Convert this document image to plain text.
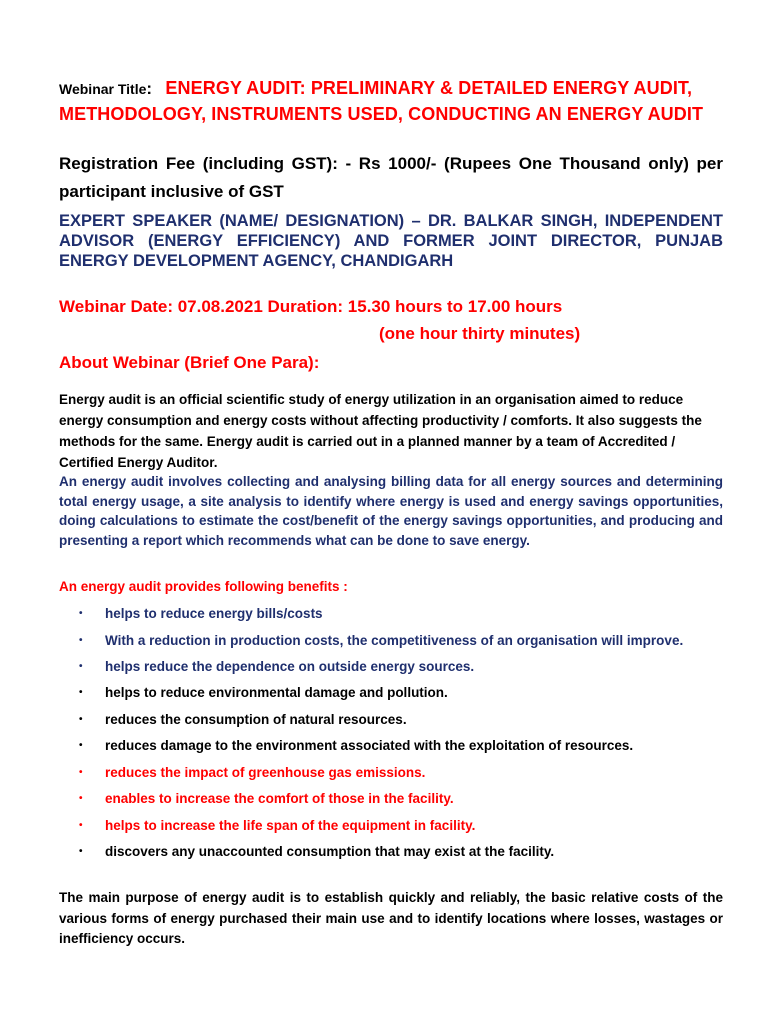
Webinar Title: ENERGY AUDIT: PRELIMINARY & DETAILED ENERGY AUDIT, METHODOLOGY, INSTRUMENTS USED, CONDUCTING AN ENERGY AUDIT
Registration Fee (including GST): - Rs 1000/- (Rupees One Thousand only) per participant inclusive of GST
EXPERT SPEAKER (NAME/ DESIGNATION) – DR. BALKAR SINGH, INDEPENDENT ADVISOR (ENERGY EFFICIENCY) AND FORMER JOINT DIRECTOR, PUNJAB ENERGY DEVELOPMENT AGENCY, CHANDIGARH
Webinar Date: 07.08.2021 Duration: 15.30 hours to 17.00 hours
(one hour thirty minutes)
About Webinar (Brief One Para):
Energy audit is an official scientific study of energy utilization in an organisation aimed to reduce energy consumption and energy costs without affecting productivity / comforts. It also suggests the methods for the same. Energy audit is carried out in a planned manner by a team of Accredited / Certified Energy Auditor.
An energy audit involves collecting and analysing billing data for all energy sources and determining total energy usage, a site analysis to identify where energy is used and energy savings opportunities, doing calculations to estimate the cost/benefit of the energy savings opportunities, and producing and presenting a report which recommends what can be done to save energy.
An energy audit provides following benefits :
• helps to reduce energy bills/costs
• With a reduction in production costs, the competitiveness of an organisation will improve.
• helps reduce the dependence on outside energy sources.
• helps to reduce environmental damage and pollution.
• reduces the consumption of natural resources.
• reduces damage to the environment associated with the exploitation of resources.
• reduces the impact of greenhouse gas emissions.
• enables to increase the comfort of those in the facility.
• helps to increase the life span of the equipment in facility.
• discovers any unaccounted consumption that may exist at the facility.
The main purpose of energy audit is to establish quickly and reliably, the basic relative costs of the various forms of energy purchased their main use and to identify locations where losses, wastages or inefficiency occurs.
